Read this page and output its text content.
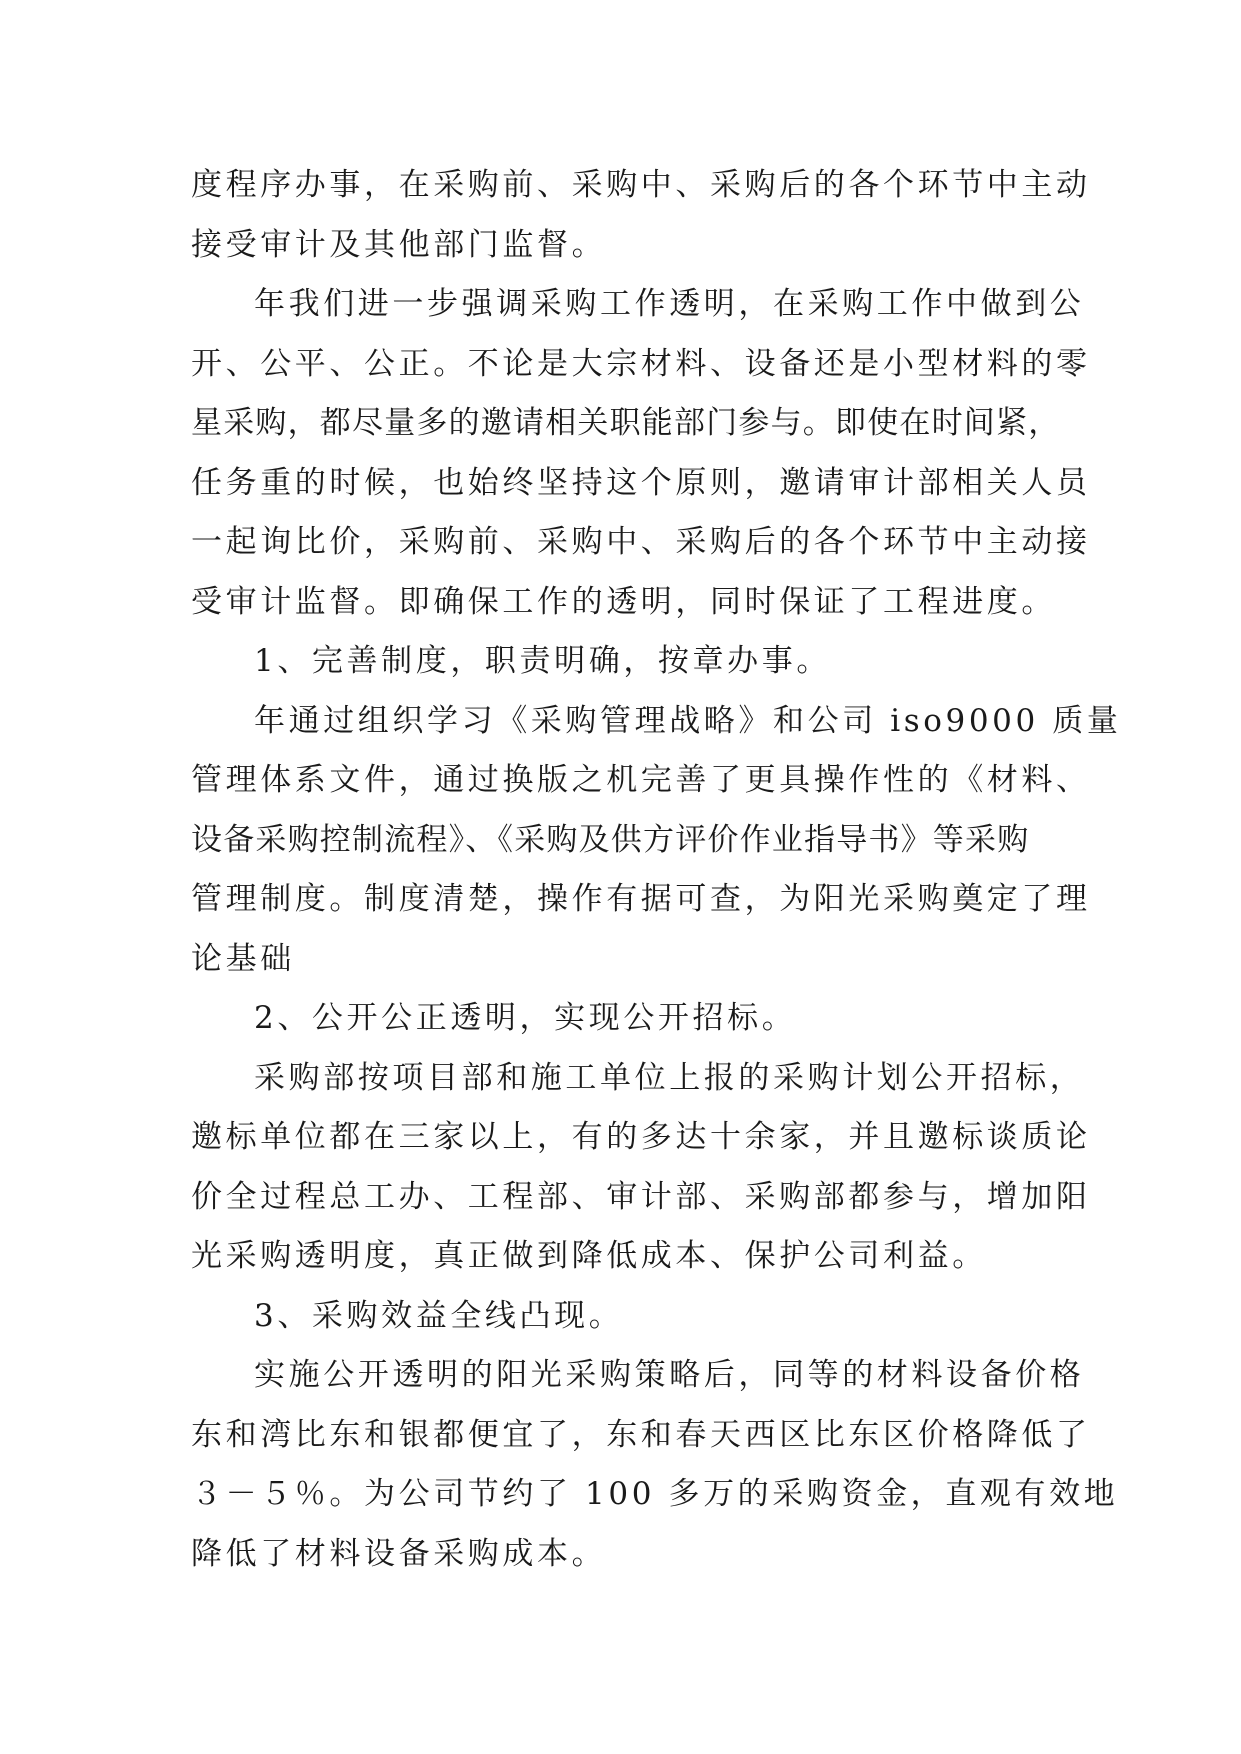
度程序办事，在采购前、采购中、采购后的各个环节中主动
接受审计及其他部门监督。
年我们进一步强调采购工作透明，在采购工作中做到公
开、公平、公正。不论是大宗材料、设备还是小型材料的零
星采购，都尽量多的邀请相关职能部门参与。即使在时间紧，
任务重的时候，也始终坚持这个原则，邀请审计部相关人员
一起询比价，采购前、采购中、采购后的各个环节中主动接
受审计监督。即确保工作的透明，同时保证了工程进度。
1、完善制度，职责明确，按章办事。
年通过组织学习《采购管理战略》和公司 iso9000 质量
管理体系文件，通过换版之机完善了更具操作性的《材料、
设备采购控制流程》、《采购及供方评价作业指导书》等采购
管理制度。制度清楚，操作有据可查，为阳光采购奠定了理
论基础
2、公开公正透明，实现公开招标。
采购部按项目部和施工单位上报的采购计划公开招标，
邀标单位都在三家以上，有的多达十余家，并且邀标谈质论
价全过程总工办、工程部、审计部、采购部都参与，增加阳
光采购透明度，真正做到降低成本、保护公司利益。
3、采购效益全线凸现。
实施公开透明的阳光采购策略后，同等的材料设备价格
东和湾比东和银都便宜了，东和春天西区比东区价格降低了
３－５％。为公司节约了 100 多万的采购资金，直观有效地
降低了材料设备采购成本。
